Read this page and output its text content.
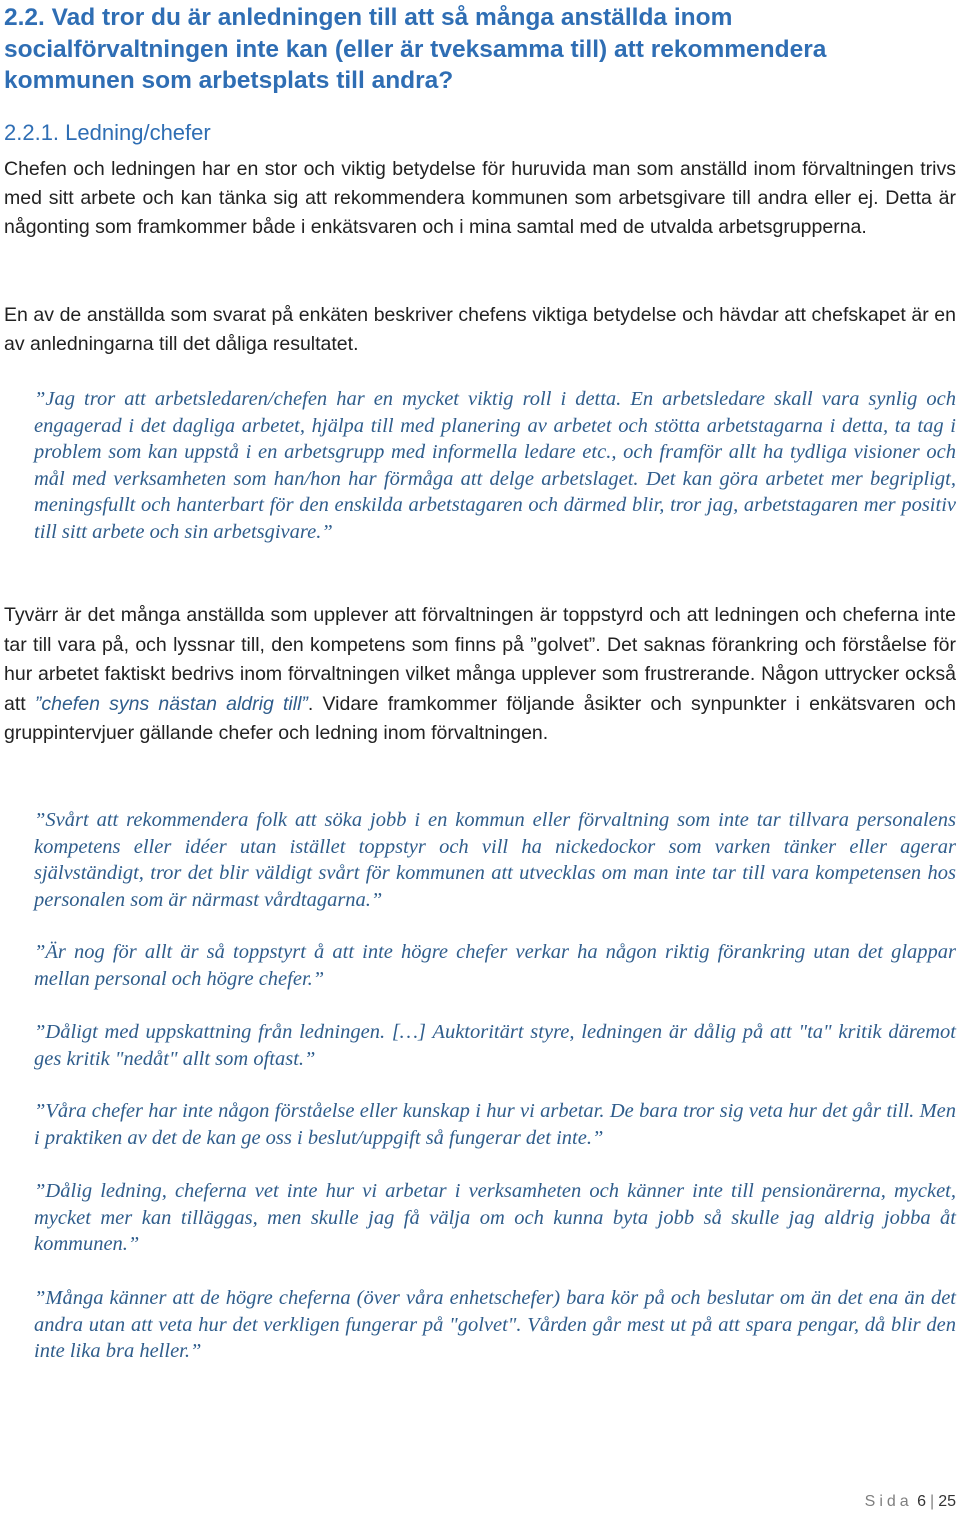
2.2. Vad tror du är anledningen till att så många anställda inom socialförvaltningen inte kan (eller är tveksamma till) att rekommendera kommunen som arbetsplats till andra?
2.2.1. Ledning/chefer

Chefen och ledningen har en stor och viktig betydelse för huruvida man som anställd inom förvaltningen trivs med sitt arbete och kan tänka sig att rekommendera kommunen som arbetsgivare till andra eller ej. Detta är någonting som framkommer både i enkätsvaren och i mina samtal med de utvalda arbetsgrupperna.

En av de anställda som svarat på enkäten beskriver chefens viktiga betydelse och hävdar att chefskapet är en av anledningarna till det dåliga resultatet.

”Jag tror att arbetsledaren/chefen har en mycket viktig roll i detta. En arbetsledare skall vara synlig och engagerad i det dagliga arbetet, hjälpa till med planering av arbetet och stötta arbetstagarna i detta, ta tag i problem som kan uppstå i en arbetsgrupp med informella ledare etc., och framför allt ha tydliga visioner och mål med verksamheten som han/hon har förmåga att delge arbetslaget. Det kan göra arbetet mer begripligt, meningsfullt och hanterbart för den enskilda arbetstagaren och därmed blir, tror jag, arbetstagaren mer positiv till sitt arbete och sin arbetsgivare.”

Tyvärr är det många anställda som upplever att förvaltningen är toppstyrd och att ledningen och cheferna inte tar till vara på, och lyssnar till, den kompetens som finns på ”golvet”. Det saknas förankring och förståelse för hur arbetet faktiskt bedrivs inom förvaltningen vilket många upplever som frustrerande. Någon uttrycker också att ”chefen syns nästan aldrig till”. Vidare framkommer följande åsikter och synpunkter i enkätsvaren och gruppintervjuer gällande chefer och ledning inom förvaltningen.

”Svårt att rekommendera folk att söka jobb i en kommun eller förvaltning som inte tar tillvara personalens kompetens eller idéer utan istället toppstyr och vill ha nickedockor som varken tänker eller agerar självständigt, tror det blir väldigt svårt för kommunen att utvecklas om man inte tar till vara kompetensen hos personalen som är närmast vårdtagarna.”

”Är nog för allt är så toppstyrt å att inte högre chefer verkar ha någon riktig förankring utan det glappar mellan personal och högre chefer.”

”Dåligt med uppskattning från ledningen. […] Auktoritärt styre, ledningen är dålig på att "ta" kritik däremot ges kritik "nedåt" allt som oftast.”

”Våra chefer har inte någon förståelse eller kunskap i hur vi arbetar. De bara tror sig veta hur det går till. Men i praktiken av det de kan ge oss i beslut/uppgift så fungerar det inte.”

”Dålig ledning, cheferna vet inte hur vi arbetar i verksamheten och känner inte till pensionärerna, mycket, mycket mer kan tilläggas, men skulle jag få välja om och kunna byta jobb så skulle jag aldrig jobba åt kommunen.”

”Många känner att de högre cheferna (över våra enhetschefer) bara kör på och beslutar om än det ena än det andra utan att veta hur det verkligen fungerar på "golvet". Vården går mest ut på att spara pengar, då blir den inte lika bra heller.”

Sida 6 | 25
